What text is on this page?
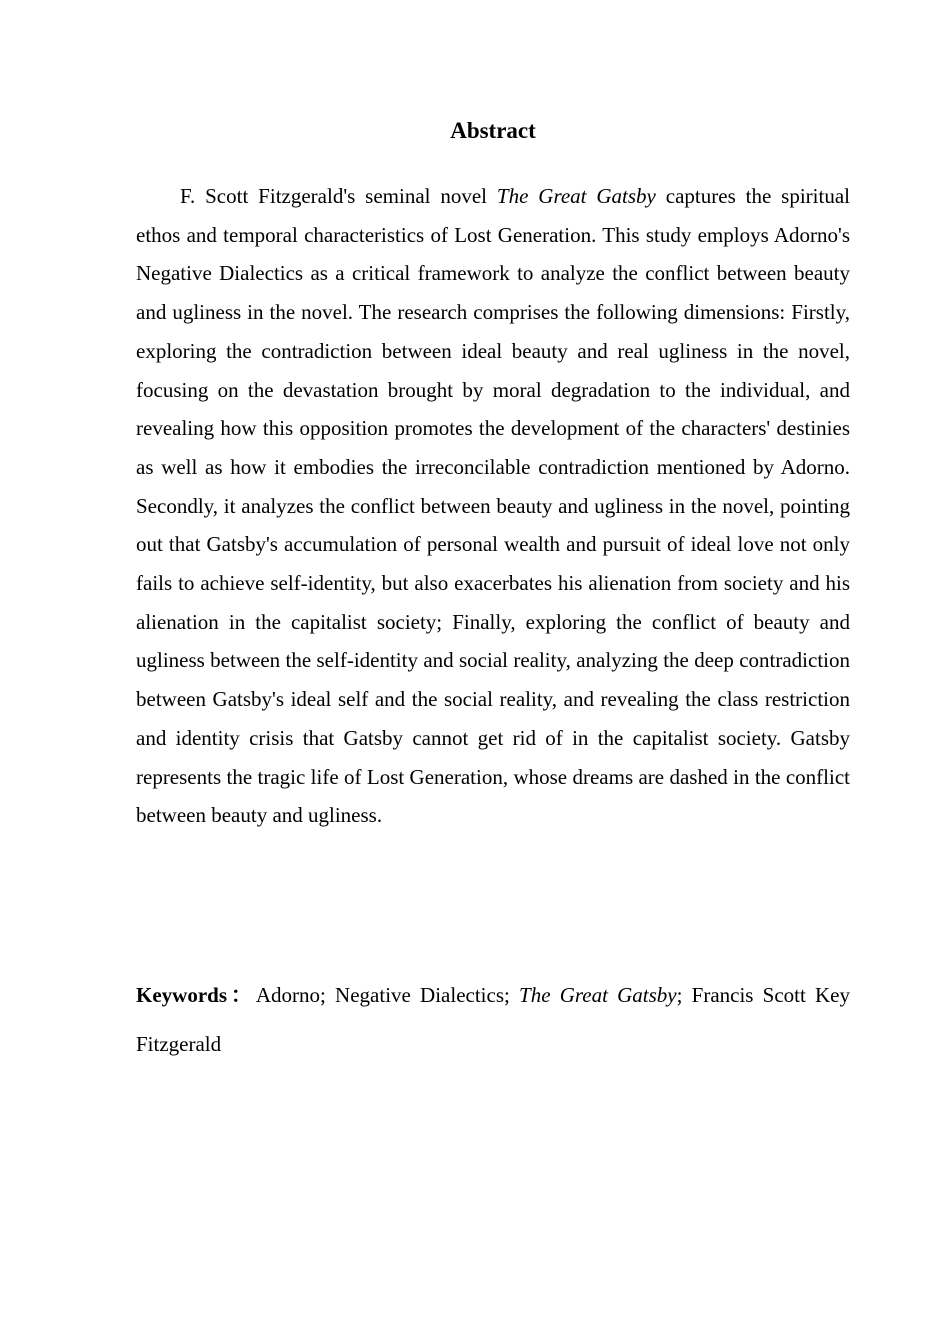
Abstract

F. Scott Fitzgerald's seminal novel The Great Gatsby captures the spiritual ethos and temporal characteristics of Lost Generation. This study employs Adorno's Negative Dialectics as a critical framework to analyze the conflict between beauty and ugliness in the novel. The research comprises the following dimensions: Firstly, exploring the contradiction between ideal beauty and real ugliness in the novel, focusing on the devastation brought by moral degradation to the individual, and revealing how this opposition promotes the development of the characters' destinies as well as how it embodies the irreconcilable contradiction mentioned by Adorno. Secondly, it analyzes the conflict between beauty and ugliness in the novel, pointing out that Gatsby's accumulation of personal wealth and pursuit of ideal love not only fails to achieve self-identity, but also exacerbates his alienation from society and his alienation in the capitalist society; Finally, exploring the conflict of beauty and ugliness between the self-identity and social reality, analyzing the deep contradiction between Gatsby's ideal self and the social reality, and revealing the class restriction and identity crisis that Gatsby cannot get rid of in the capitalist society. Gatsby represents the tragic life of Lost Generation, whose dreams are dashed in the conflict between beauty and ugliness.

Keywords：Adorno; Negative Dialectics; The Great Gatsby; Francis Scott Key Fitzgerald
